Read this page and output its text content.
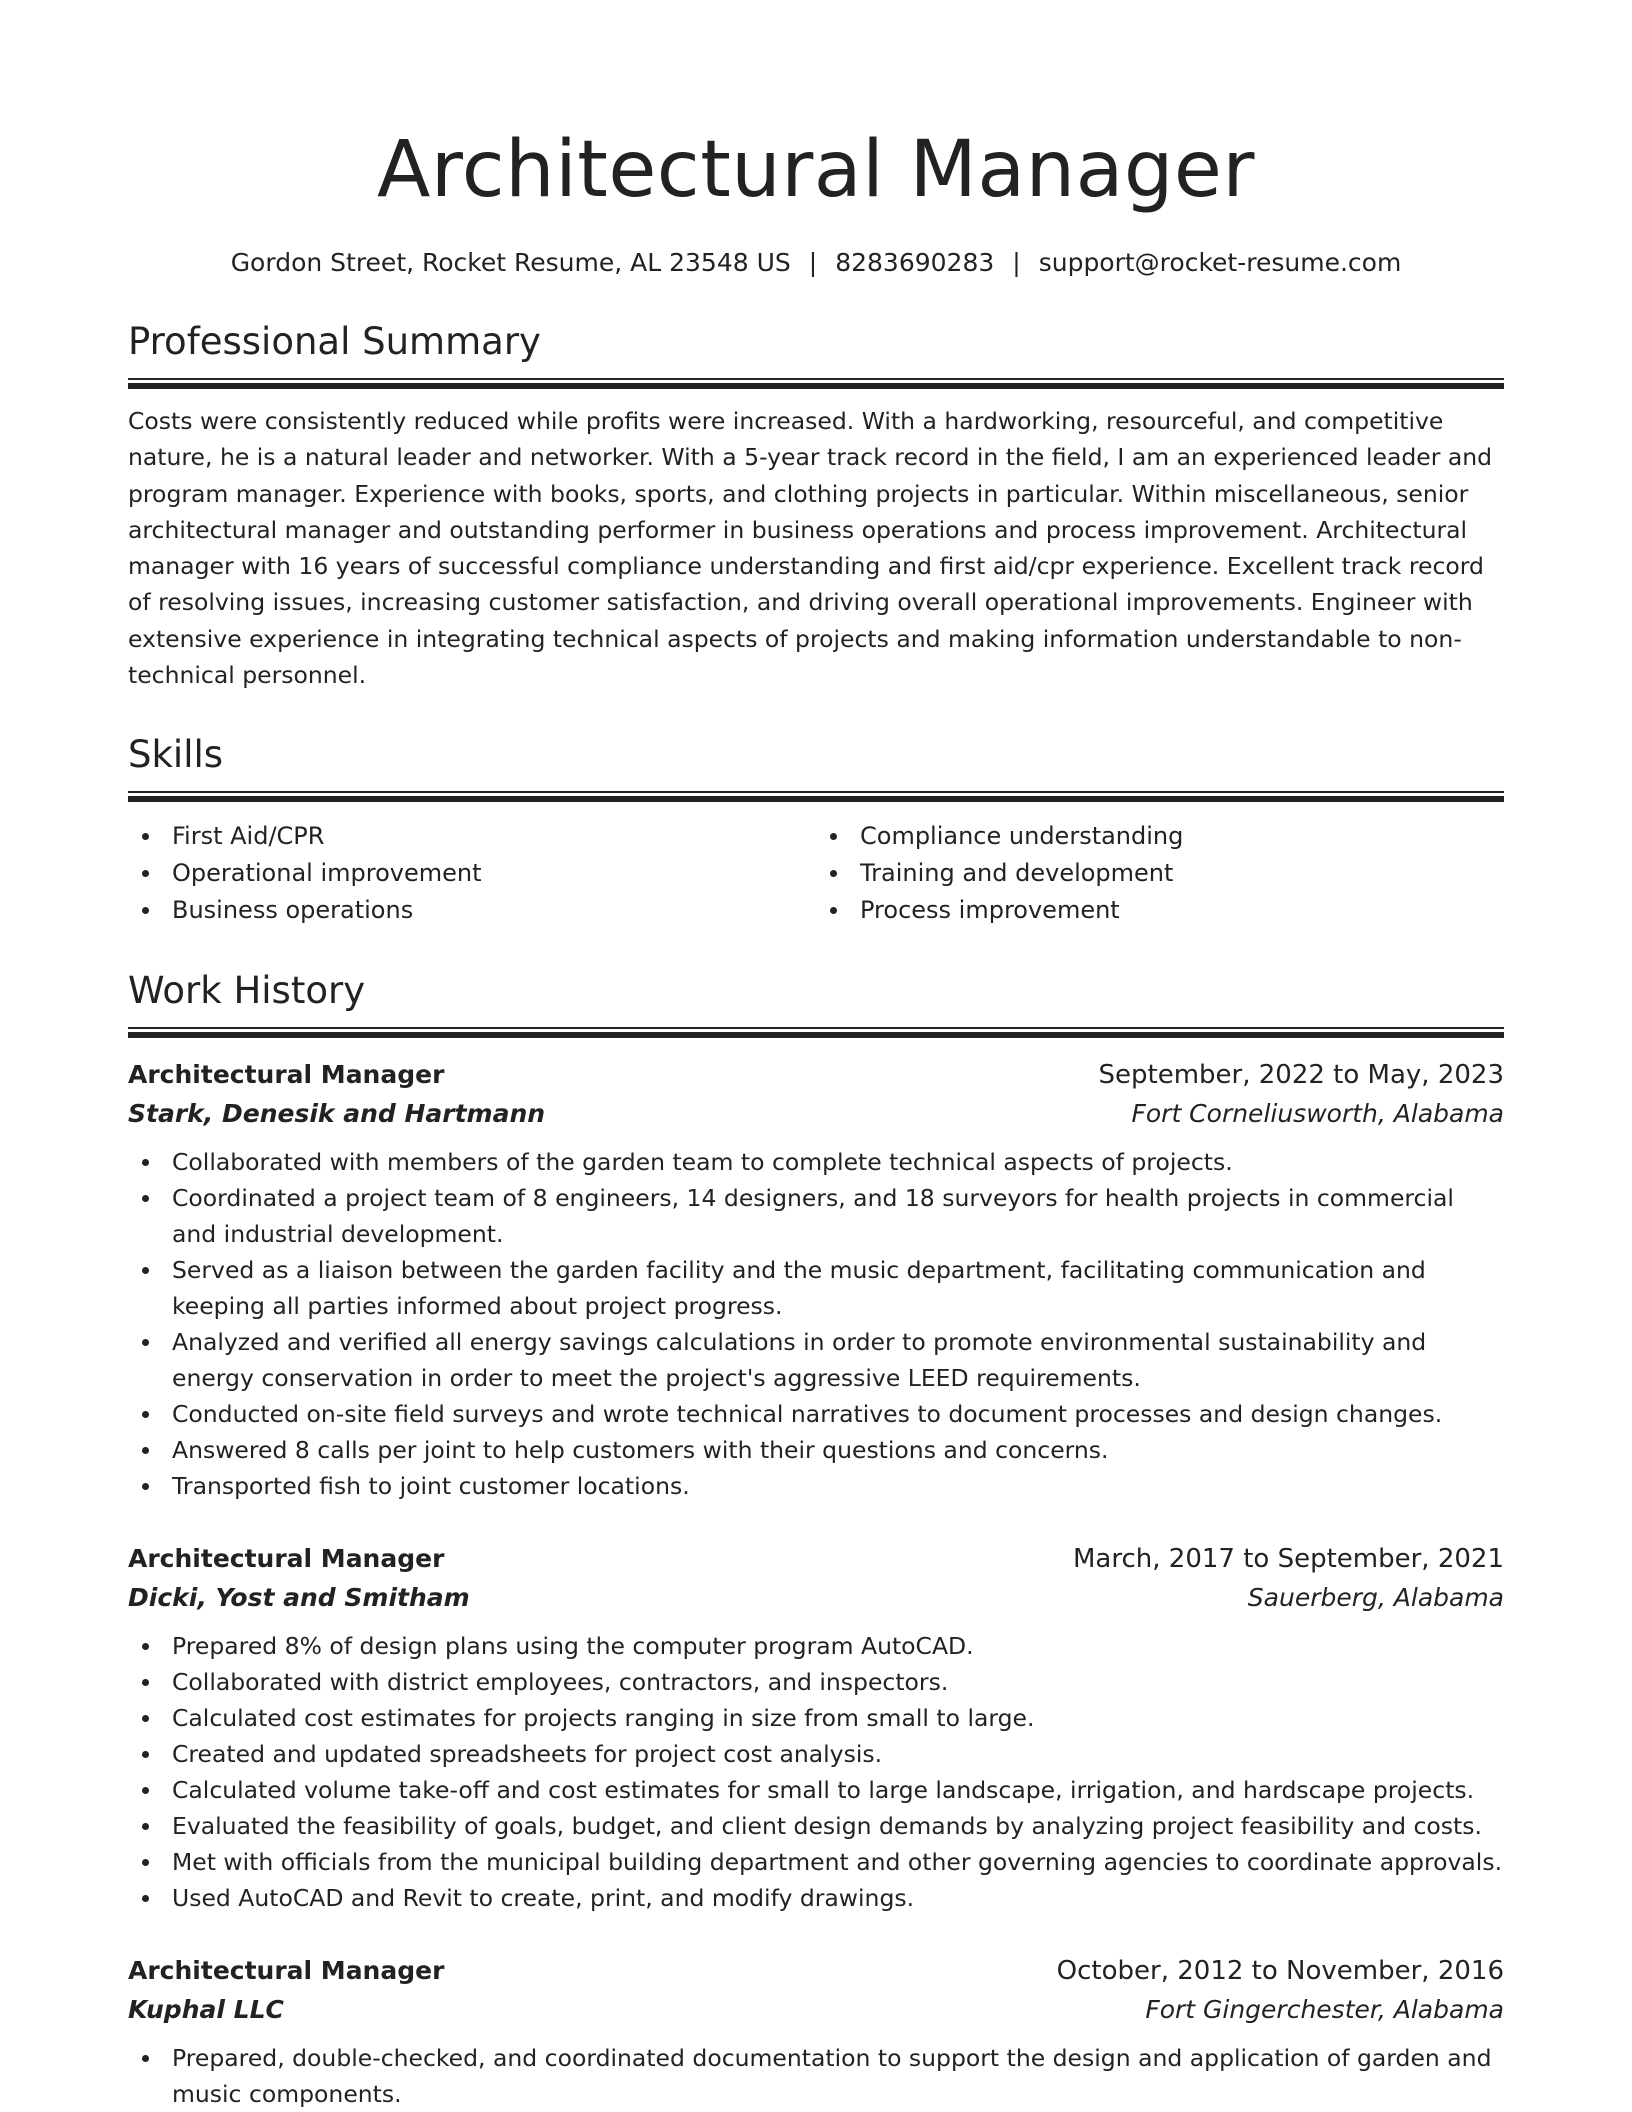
Architectural Manager
Gordon Street, Rocket Resume, AL 23548 US | 8283690283 | support@rocket-resume.com
Professional Summary
Costs were consistently reduced while profits were increased. With a hardworking, resourceful, and competitive nature, he is a natural leader and networker. With a 5-year track record in the field, I am an experienced leader and program manager. Experience with books, sports, and clothing projects in particular. Within miscellaneous, senior architectural manager and outstanding performer in business operations and process improvement. Architectural manager with 16 years of successful compliance understanding and first aid/cpr experience. Excellent track record of resolving issues, increasing customer satisfaction, and driving overall operational improvements. Engineer with extensive experience in integrating technical aspects of projects and making information understandable to non-technical personnel.
Skills
First Aid/CPR	Compliance understanding
Operational improvement	Training and development
Business operations	Process improvement
Work History
Architectural Manager	September, 2022 to May, 2023
Stark, Denesik and Hartmann	Fort Corneliusworth, Alabama
Collaborated with members of the garden team to complete technical aspects of projects.
Coordinated a project team of 8 engineers, 14 designers, and 18 surveyors for health projects in commercial and industrial development.
Served as a liaison between the garden facility and the music department, facilitating communication and keeping all parties informed about project progress.
Analyzed and verified all energy savings calculations in order to promote environmental sustainability and energy conservation in order to meet the project's aggressive LEED requirements.
Conducted on-site field surveys and wrote technical narratives to document processes and design changes.
Answered 8 calls per joint to help customers with their questions and concerns.
Transported fish to joint customer locations.
Architectural Manager	March, 2017 to September, 2021
Dicki, Yost and Smitham	Sauerberg, Alabama
Prepared 8% of design plans using the computer program AutoCAD.
Collaborated with district employees, contractors, and inspectors.
Calculated cost estimates for projects ranging in size from small to large.
Created and updated spreadsheets for project cost analysis.
Calculated volume take-off and cost estimates for small to large landscape, irrigation, and hardscape projects.
Evaluated the feasibility of goals, budget, and client design demands by analyzing project feasibility and costs.
Met with officials from the municipal building department and other governing agencies to coordinate approvals.
Used AutoCAD and Revit to create, print, and modify drawings.
Architectural Manager	October, 2012 to November, 2016
Kuphal LLC	Fort Gingerchester, Alabama
Prepared, double-checked, and coordinated documentation to support the design and application of garden and music components.
